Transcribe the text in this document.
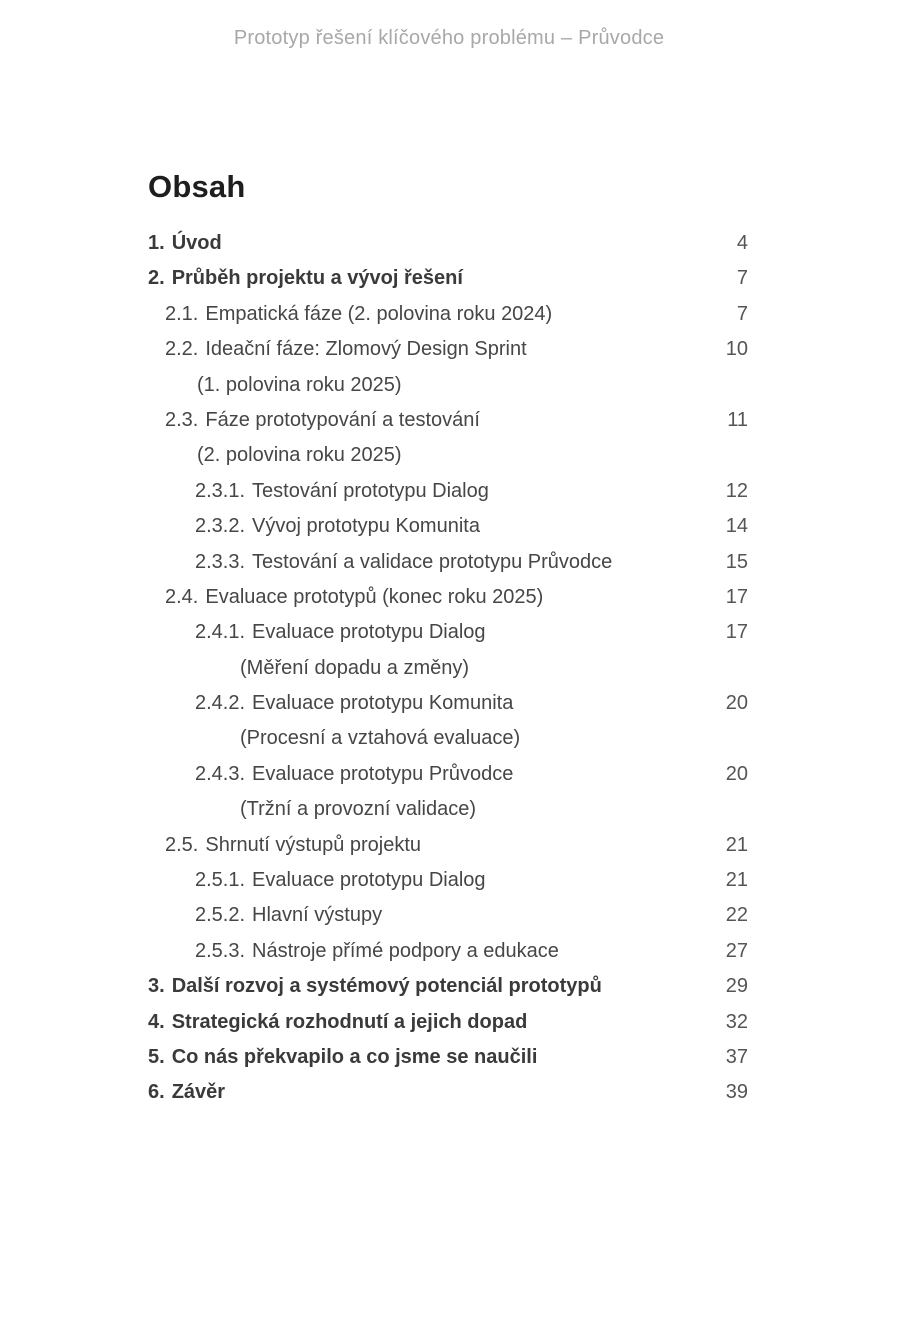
Prototyp řešení klíčového problému – Průvodce
Obsah
1. Úvod	4
2. Průběh projektu a vývoj řešení	7
2.1. Empatická fáze (2. polovina roku 2024)	7
2.2. Ideační fáze: Zlomový Design Sprint	10
(1. polovina roku 2025)
2.3. Fáze prototypování a testování	11
(2. polovina roku 2025)
2.3.1. Testování prototypu Dialog	12
2.3.2. Vývoj prototypu Komunita	14
2.3.3. Testování a validace prototypu Průvodce	15
2.4. Evaluace prototypů (konec roku 2025)	17
2.4.1. Evaluace prototypu Dialog	17
(Měření dopadu a změny)
2.4.2. Evaluace prototypu Komunita	20
(Procesní a vztahová evaluace)
2.4.3. Evaluace prototypu Průvodce	20
(Tržní a provozní validace)
2.5. Shrnutí výstupů projektu	21
2.5.1. Evaluace prototypu Dialog	21
2.5.2. Hlavní výstupy	22
2.5.3. Nástroje přímé podpory a edukace	27
3. Další rozvoj a systémový potenciál prototypů	29
4. Strategická rozhodnutí a jejich dopad	32
5. Co nás překvapilo a co jsme se naučili	37
6. Závěr	39
